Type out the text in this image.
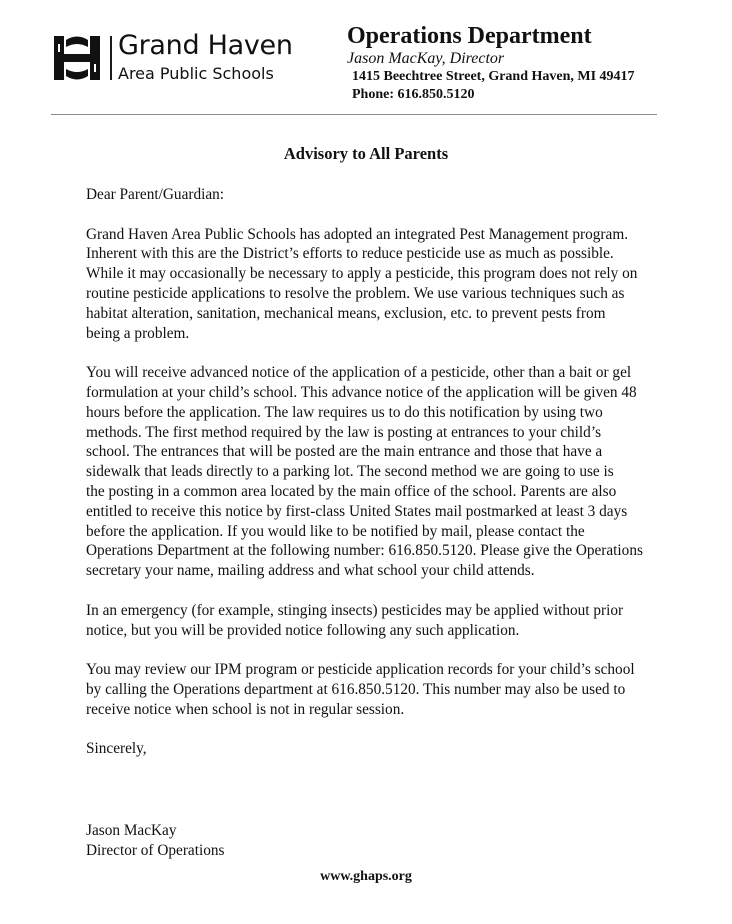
Grand Haven
Area Public Schools
Operations Department
Jason MacKay, Director
1415 Beechtree Street, Grand Haven, MI 49417
Phone: 616.850.5120
Advisory to All Parents

Dear Parent/Guardian:

Grand Haven Area Public Schools has adopted an integrated Pest Management program.
Inherent with this are the District’s efforts to reduce pesticide use as much as possible.
While it may occasionally be necessary to apply a pesticide, this program does not rely on
routine pesticide applications to resolve the problem. We use various techniques such as
habitat alteration, sanitation, mechanical means, exclusion, etc. to prevent pests from
being a problem.

You will receive advanced notice of the application of a pesticide, other than a bait or gel
formulation at your child’s school. This advance notice of the application will be given 48
hours before the application. The law requires us to do this notification by using two
methods. The first method required by the law is posting at entrances to your child’s
school. The entrances that will be posted are the main entrance and those that have a
sidewalk that leads directly to a parking lot. The second method we are going to use is
the posting in a common area located by the main office of the school. Parents are also
entitled to receive this notice by first-class United States mail postmarked at least 3 days
before the application. If you would like to be notified by mail, please contact the
Operations Department at the following number: 616.850.5120. Please give the Operations
secretary your name, mailing address and what school your child attends.

In an emergency (for example, stinging insects) pesticides may be applied without prior
notice, but you will be provided notice following any such application.

You may review our IPM program or pesticide application records for your child’s school
by calling the Operations department at 616.850.5120. This number may also be used to
receive notice when school is not in regular session.

Sincerely,

Jason MacKay
Director of Operations
www.ghaps.org
